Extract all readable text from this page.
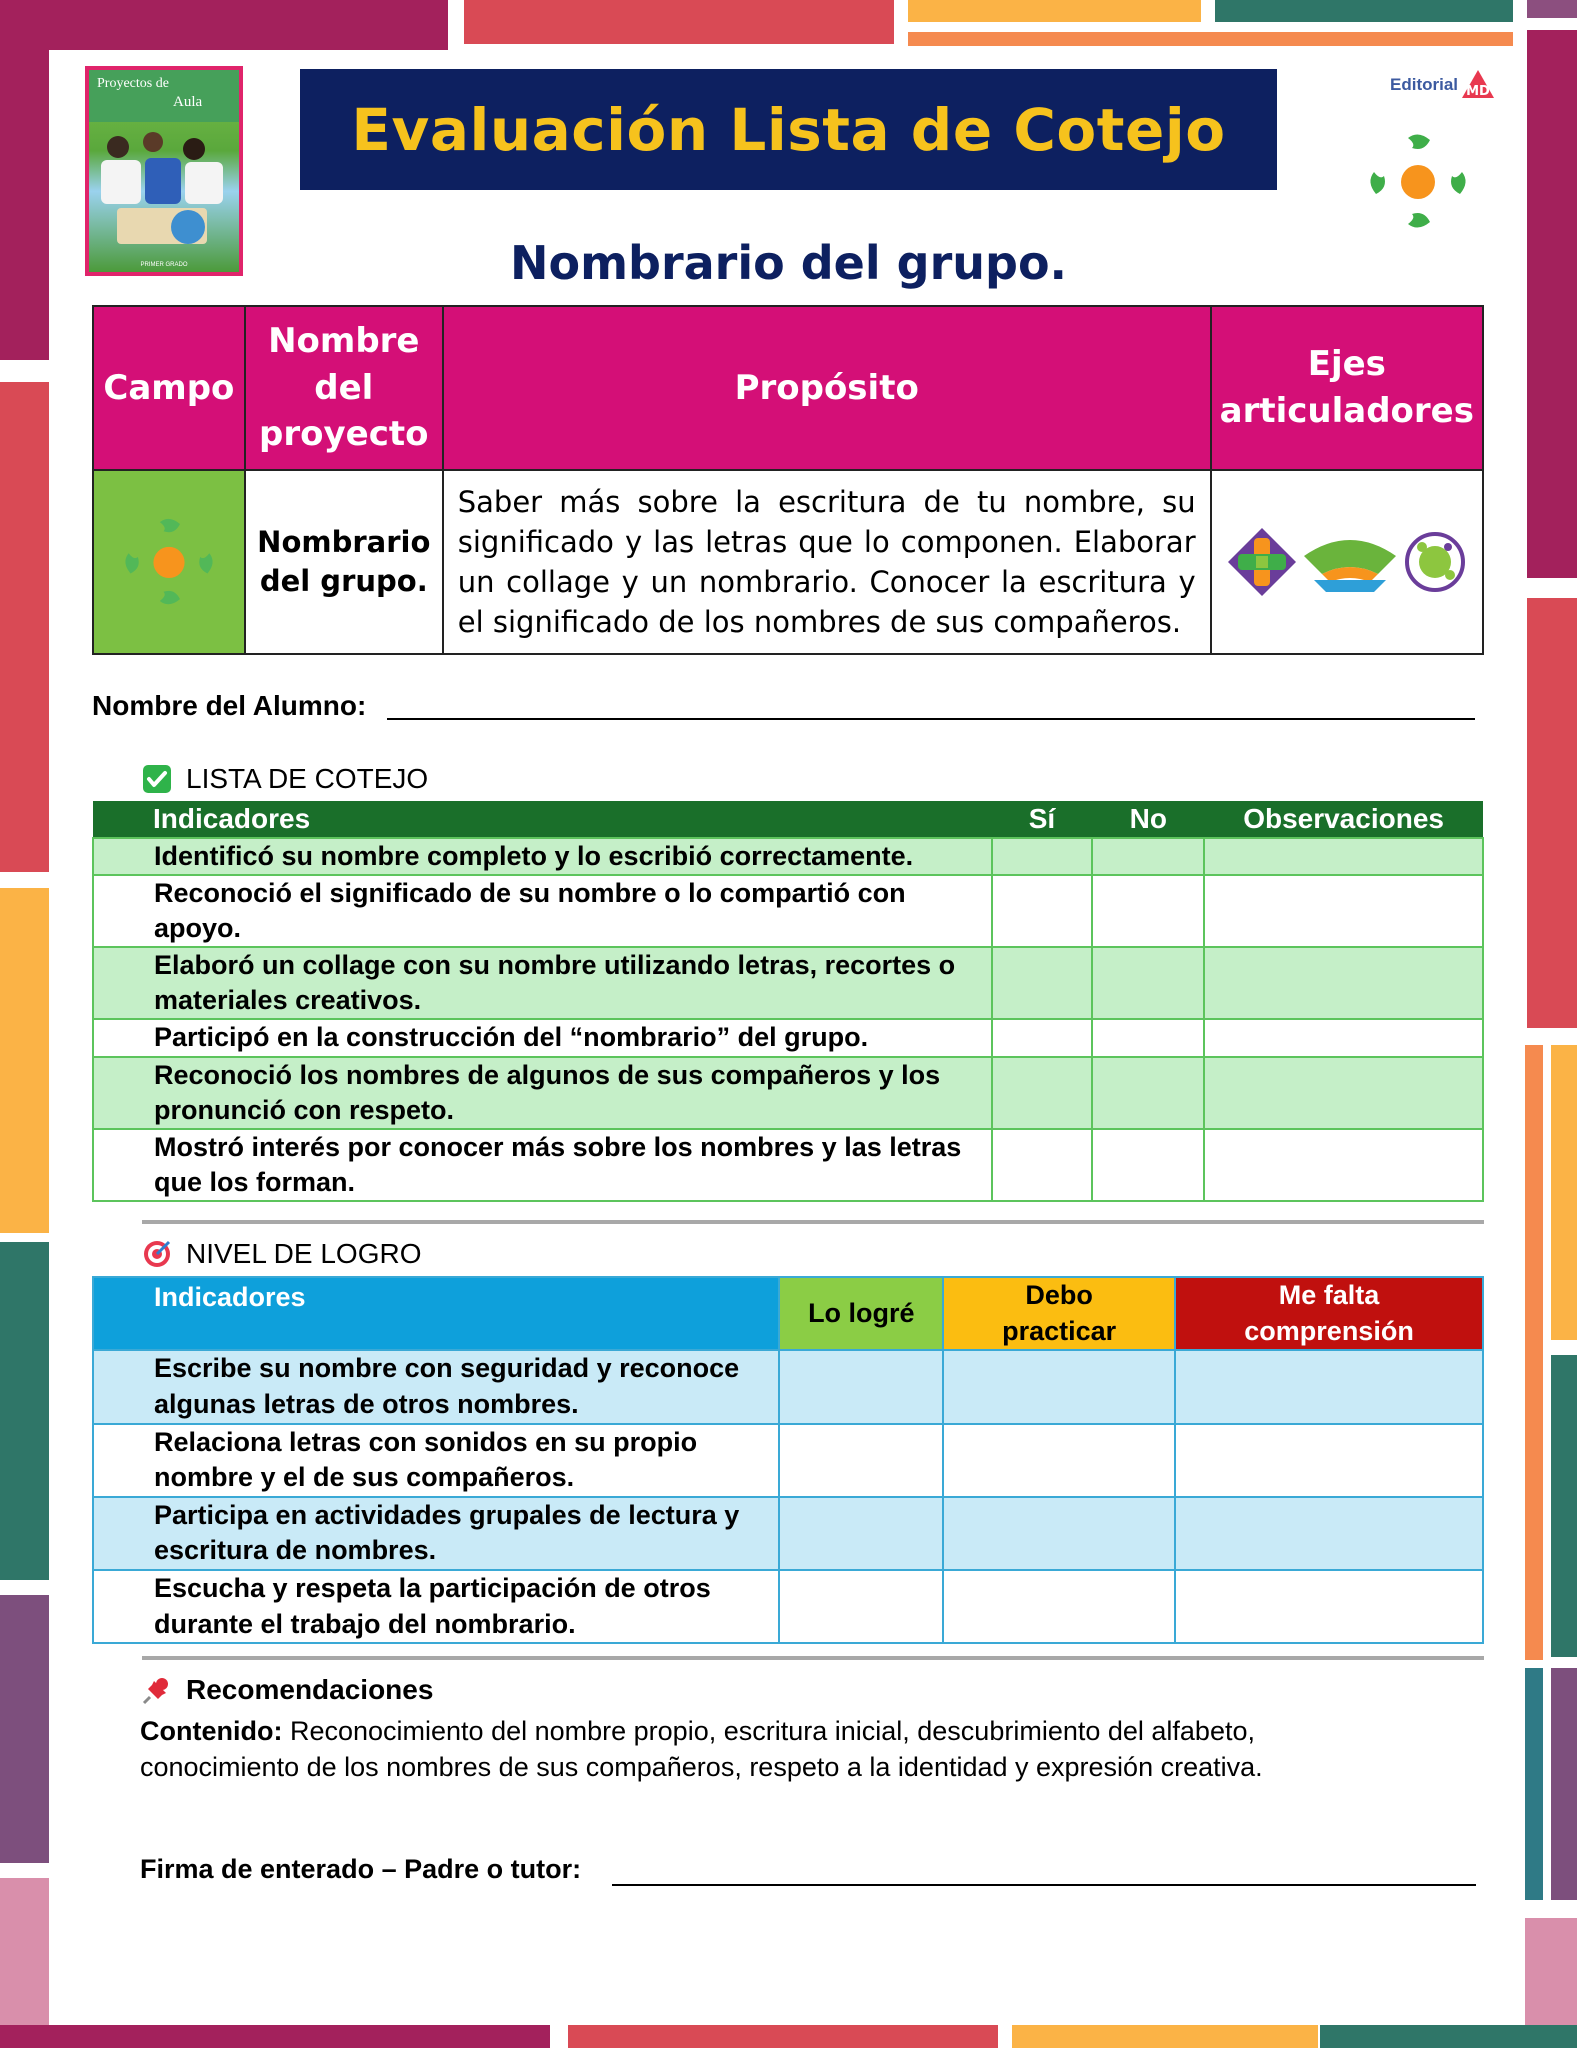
Proyectos de
Aula
PRIMER GRADO
Evaluación Lista de Cotejo
Editorial MD
Nombrario del grupo.
Campo	Nombre del proyecto	Propósito	Ejes articuladores

	Nombrario del grupo.	Saber más sobre la escritura de tu nombre, su significado y las letras que lo componen. Elaborar un collage y un nombrario. Conocer la escritura y el significado de los nombres de sus compañeros.	
Nombre del Alumno:
LISTA DE COTEJO
Indicadores	Sí	No	Observaciones
Identificó su nombre completo y lo escribió correctamente.			
Reconoció el significado de su nombre o lo compartió con apoyo.			
Elaboró un collage con su nombre utilizando letras, recortes o materiales creativos.			
Participó en la construcción del “nombrario” del grupo.			
Reconoció los nombres de algunos de sus compañeros y los pronunció con respeto.			
Mostró interés por conocer más sobre los nombres y las letras que los forman.			
NIVEL DE LOGRO
Indicadores	Lo logré	Debo practicar	Me falta comprensión
Escribe su nombre con seguridad y reconoce algunas letras de otros nombres.			
Relaciona letras con sonidos en su propio nombre y el de sus compañeros.			
Participa en actividades grupales de lectura y escritura de nombres.			
Escucha y respeta la participación de otros durante el trabajo del nombrario.			
Recomendaciones
Contenido: Reconocimiento del nombre propio, escritura inicial, descubrimiento del alfabeto, conocimiento de los nombres de sus compañeros, respeto a la identidad y expresión creativa.
Firma de enterado – Padre o tutor:
